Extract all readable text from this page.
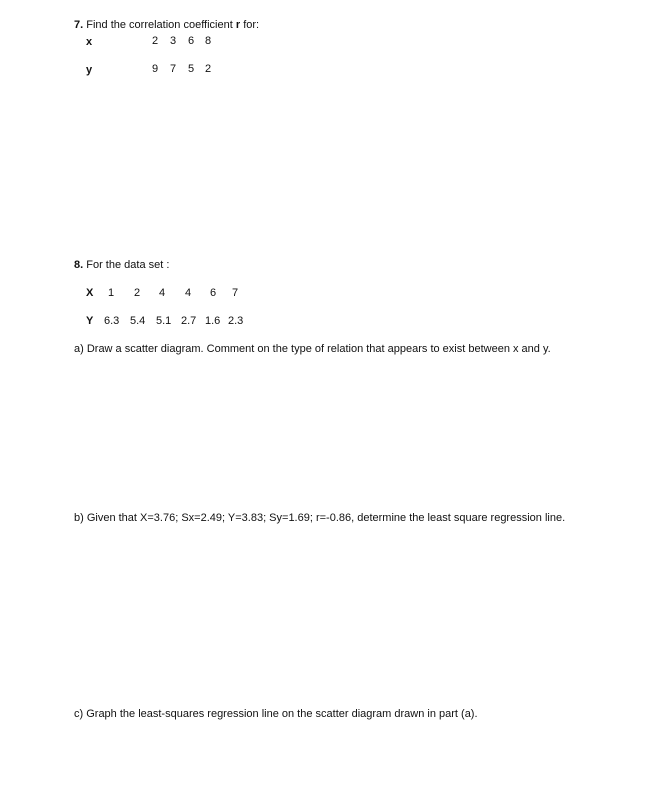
7. Find the correlation coefficient r for:
x	2 3 6 8
y	9 7 5 2
8. For the data set :
X 1 2 4 4 6 7
Y 6.3 5.4 5.1 2.7 1.6 2.3
a) Draw a scatter diagram. Comment on the type of relation that appears to exist between x and y.
b) Given that X=3.76; Sx=2.49; Y=3.83; Sy=1.69; r=-0.86, determine the least square regression line.
c) Graph the least-squares regression line on the scatter diagram drawn in part (a).
